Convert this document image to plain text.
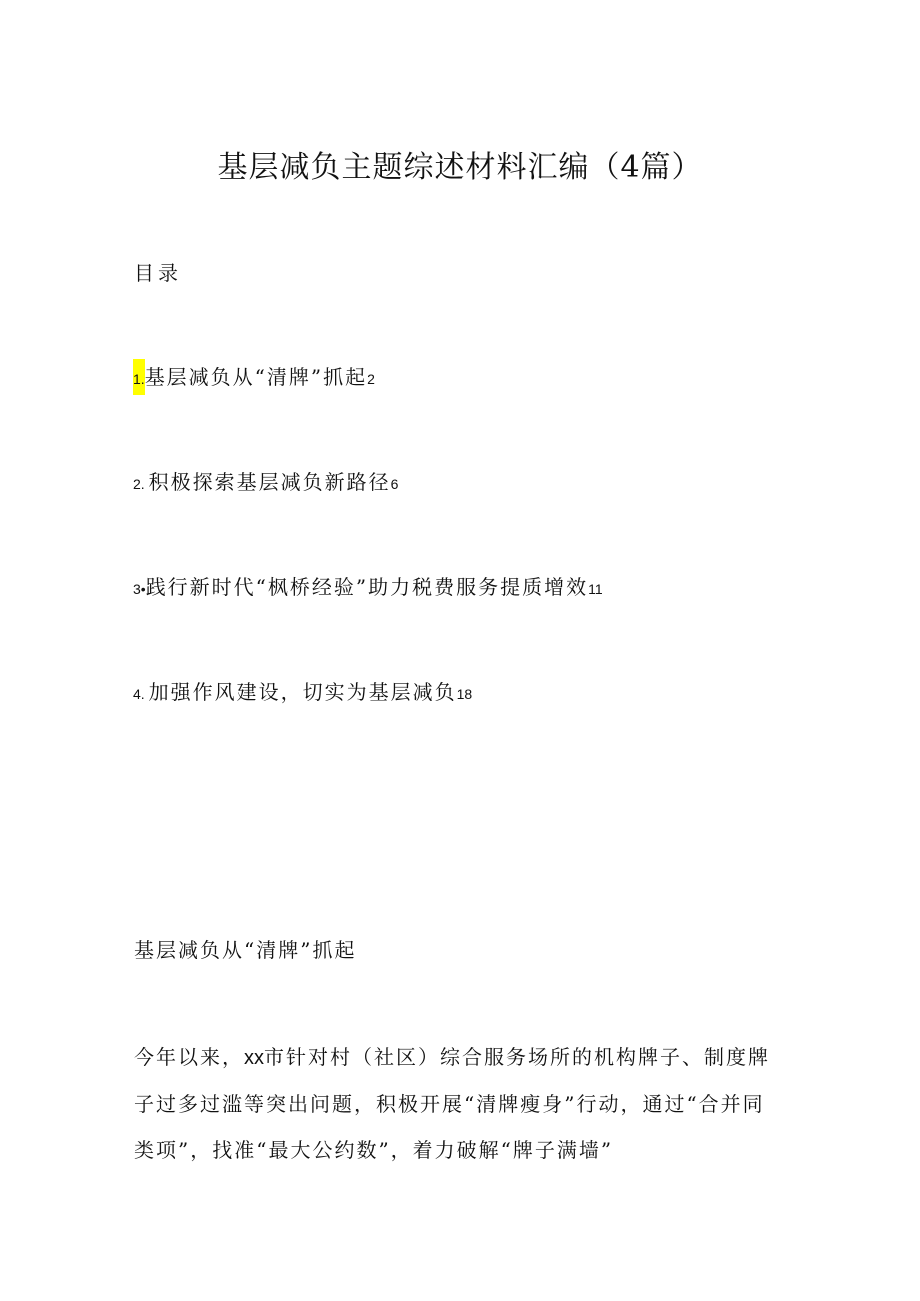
基层减负主题综述材料汇编（4篇）
目录
1.基层减负从“清牌”抓起2
2. 积极探索基层减负新路径6
3•践行新时代“枫桥经验”助力税费服务提质增效11
4. 加强作风建设，切实为基层减负18
基层减负从“清牌”抓起
今年以来，xx市针对村（社区）综合服务场所的机构牌子、制度牌子过多过滥等突出问题，积极开展“清牌瘦身”行动，通过“合并同类项”，找准“最大公约数”，着力破解“牌子满墙”
